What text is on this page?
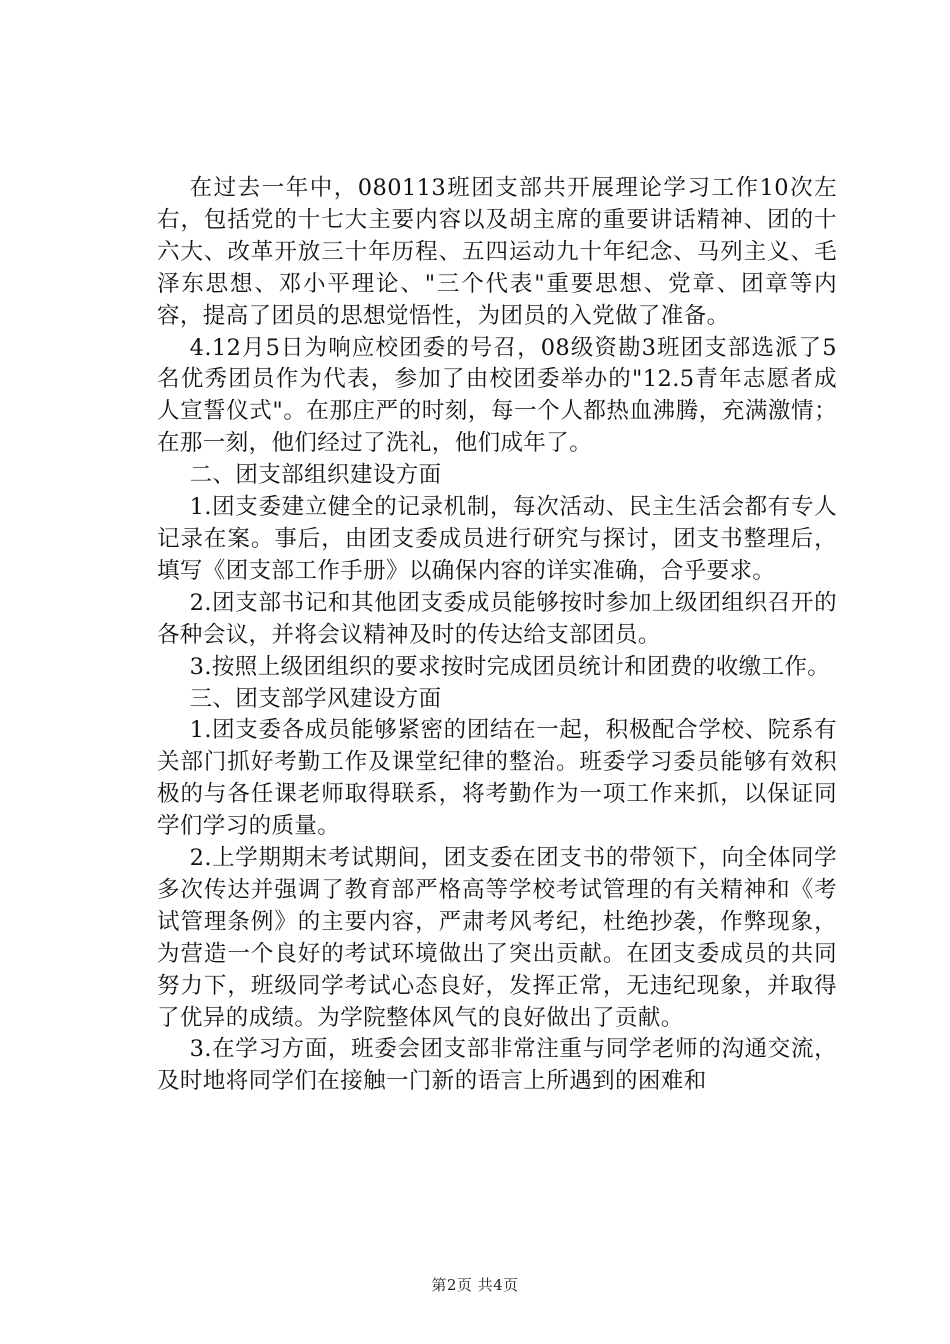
在过去一年中，080113班团支部共开展理论学习工作10次左右，包括党的十七大主要内容以及胡主席的重要讲话精神、团的十六大、改革开放三十年历程、五四运动九十年纪念、马列主义、毛泽东思想、邓小平理论、"三个代表"重要思想、党章、团章等内容，提高了团员的思想觉悟性，为团员的入党做了准备。

4.12月5日为响应校团委的号召，08级资勘3班团支部选派了5名优秀团员作为代表，参加了由校团委举办的"12.5青年志愿者成人宣誓仪式"。在那庄严的时刻，每一个人都热血沸腾，充满激情；在那一刻，他们经过了洗礼，他们成年了。

二、团支部组织建设方面

1.团支委建立健全的记录机制，每次活动、民主生活会都有专人记录在案。事后，由团支委成员进行研究与探讨，团支书整理后，填写《团支部工作手册》以确保内容的详实准确，合乎要求。

2.团支部书记和其他团支委成员能够按时参加上级团组织召开的各种会议，并将会议精神及时的传达给支部团员。

3.按照上级团组织的要求按时完成团员统计和团费的收缴工作。

三、团支部学风建设方面

1.团支委各成员能够紧密的团结在一起，积极配合学校、院系有关部门抓好考勤工作及课堂纪律的整治。班委学习委员能够有效积极的与各任课老师取得联系，将考勤作为一项工作来抓，以保证同学们学习的质量。

2.上学期期末考试期间，团支委在团支书的带领下，向全体同学多次传达并强调了教育部严格高等学校考试管理的有关精神和《考试管理条例》的主要内容，严肃考风考纪，杜绝抄袭，作弊现象，为营造一个良好的考试环境做出了突出贡献。在团支委成员的共同努力下，班级同学考试心态良好，发挥正常，无违纪现象，并取得了优异的成绩。为学院整体风气的良好做出了贡献。

3.在学习方面，班委会团支部非常注重与同学老师的沟通交流，及时地将同学们在接触一门新的语言上所遇到的困难和

第2页 共4页
